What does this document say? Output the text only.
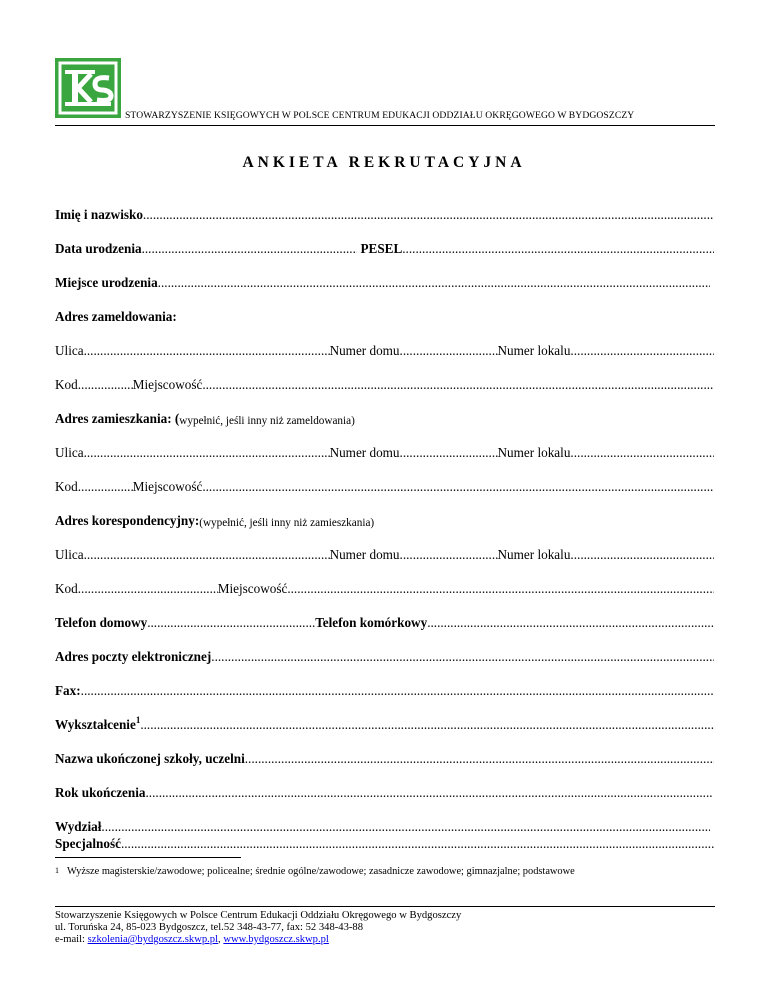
STOWARZYSZENIE KSIĘGOWYCH W POLSCE CENTRUM EDUKACJI ODDZIAŁU OKRĘGOWEGO W BYDGOSZCZY
ANKIETA REKRUTACYJNA
Imię i nazwisko
.....
Data urodzenia .....	PESEL
.....
Miejsce urodzenia
.....
Adres zameldowania:
Ulica .....	Numer domu .....	Numer lokalu
.....
Kod .....	Miejscowość
.....
Adres zamieszkania: ( wypełnić, jeśli inny niż zameldowania)
Ulica .....	Numer domu .....	Numer lokalu
.....
Kod .....	Miejscowość
.....
Adres korespondencyjny: (wypełnić, jeśli inny niż zamieszkania)
Ulica .....	Numer domu .....	Numer lokalu
.....
Kod .....	Miejscowość
.....
Telefon domowy .....	Telefon komórkowy
.....
Adres poczty elektronicznej
.....
Fax:
.....
Wykształcenie$^1$
.....
Nazwa ukończonej szkoły, uczelni
.....
Rok ukończenia
.....
Wydział
.....
Specjalność
.....
$^1$ Wyższe magisterskie/zawodowe; policealne; średnie ogólne/zawodowe; zasadnicze zawodowe; gimnazjalne; podstawowe
Stowarzyszenie Księgowych w Polsce Centrum Edukacji Oddziału Okręgowego w Bydgoszczy
ul. Toruńska 24, 85-023 Bydgoszcz, tel.52 348-43-77, fax: 52 348-43-88
e-mail: szkolenia@bydgoszcz.skwp.pl, www.bydgoszcz.skwp.pl
